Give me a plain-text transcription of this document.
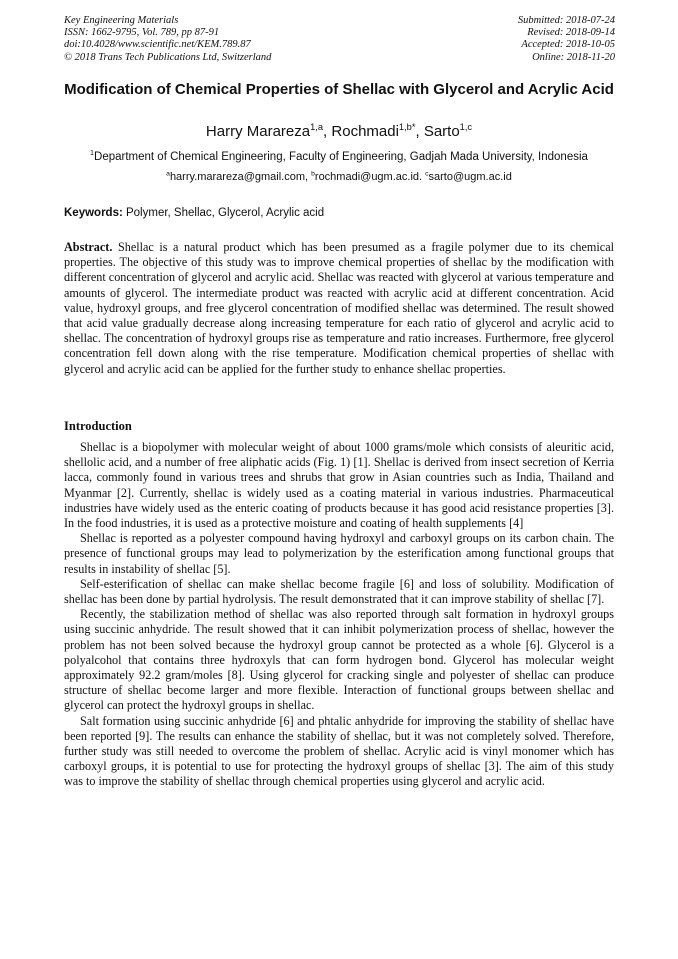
Key Engineering Materials
ISSN: 1662-9795, Vol. 789, pp 87-91
doi:10.4028/www.scientific.net/KEM.789.87
© 2018 Trans Tech Publications Ltd, Switzerland
Submitted: 2018-07-24
Revised: 2018-09-14
Accepted: 2018-10-05
Online: 2018-11-20
Modification of Chemical Properties of Shellac with Glycerol and Acrylic Acid
Harry Marareza$^{1,a}$, Rochmadi$^{1,b*}$, Sarto$^{1,c}$
$^1$Department of Chemical Engineering, Faculty of Engineering, Gadjah Mada University, Indonesia
$^a$harry.marareza@gmail.com, $^b$rochmadi@ugm.ac.id. $^c$sarto@ugm.ac.id
Keywords: Polymer, Shellac, Glycerol, Acrylic acid

Abstract. Shellac is a natural product which has been presumed as a fragile polymer due to its chemical properties. The objective of this study was to improve chemical properties of shellac by the modification with different concentration of glycerol and acrylic acid. Shellac was reacted with glycerol at various temperature and amounts of glycerol. The intermediate product was reacted with acrylic acid at different concentration. Acid value, hydroxyl groups, and free glycerol concentration of modified shellac was determined. The result showed that acid value gradually decrease along increasing temperature for each ratio of glycerol and acrylic acid to shellac. The concentration of hydroxyl groups rise as temperature and ratio increases. Furthermore, free glycerol concentration fell down along with the rise temperature. Modification chemical properties of shellac with glycerol and acrylic acid can be applied for the further study to enhance shellac properties.

Introduction

Shellac is a biopolymer with molecular weight of about 1000 grams/mole which consists of aleuritic acid, shellolic acid, and a number of free aliphatic acids (Fig. 1) [1]. Shellac is derived from insect secretion of Kerria lacca, commonly found in various trees and shrubs that grow in Asian countries such as India, Thailand and Myanmar [2]. Currently, shellac is widely used as a coating material in various industries. Pharmaceutical industries have widely used as the enteric coating of products because it has good acid resistance properties [3]. In the food industries, it is used as a protective moisture and coating of health supplements [4]

Shellac is reported as a polyester compound having hydroxyl and carboxyl groups on its carbon chain. The presence of functional groups may lead to polymerization by the esterification among functional groups that results in instability of shellac [5].

Self-esterification of shellac can make shellac become fragile [6] and loss of solubility. Modification of shellac has been done by partial hydrolysis. The result demonstrated that it can improve stability of shellac [7].

Recently, the stabilization method of shellac was also reported through salt formation in hydroxyl groups using succinic anhydride. The result showed that it can inhibit polymerization process of shellac, however the problem has not been solved because the hydroxyl group cannot be protected as a whole [6]. Glycerol is a polyalcohol that contains three hydroxyls that can form hydrogen bond. Glycerol has molecular weight approximately 92.2 gram/moles [8]. Using glycerol for cracking single and polyester of shellac can produce structure of shellac become larger and more flexible. Interaction of functional groups between shellac and glycerol can protect the hydroxyl groups in shellac.

Salt formation using succinic anhydride [6] and phtalic anhydride for improving the stability of shellac have been reported [9]. The results can enhance the stability of shellac, but it was not completely solved. Therefore, further study was still needed to overcome the problem of shellac. Acrylic acid is vinyl monomer which has carboxyl groups, it is potential to use for protecting the hydroxyl groups of shellac [3]. The aim of this study was to improve the stability of shellac through chemical properties using glycerol and acrylic acid.
